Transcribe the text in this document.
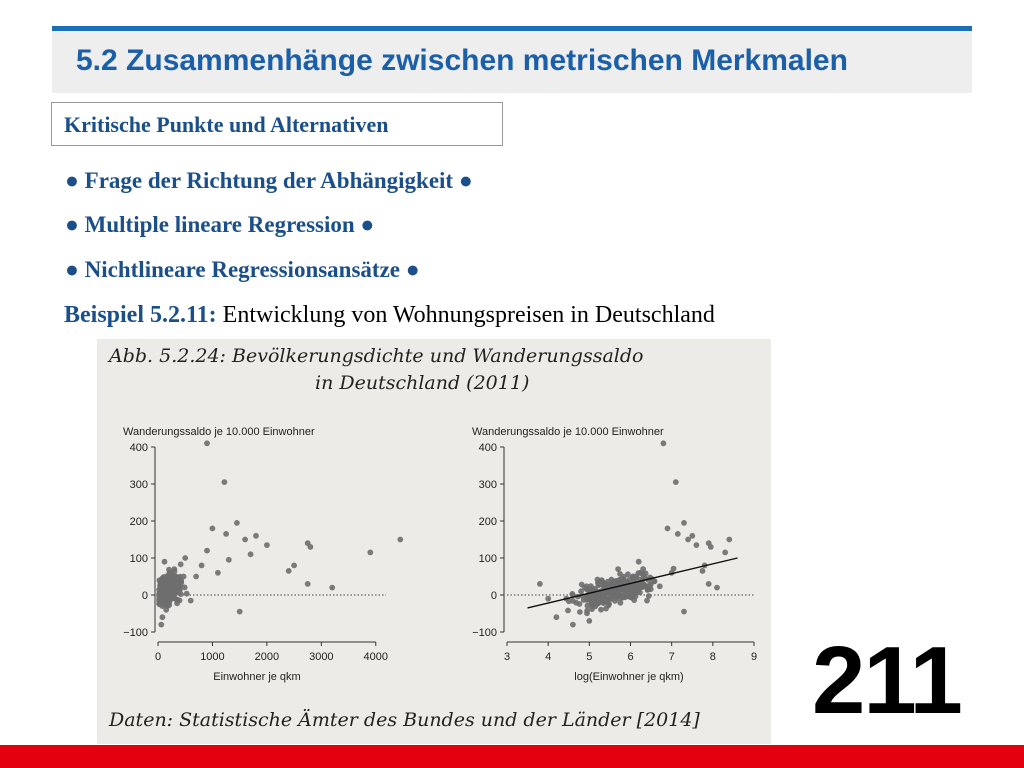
5.2 Zusammenhänge zwischen metrischen Merkmalen
Kritische Punkte und Alternativen
● Frage der Richtung der Abhängigkeit ●
● Multiple lineare Regression ●
● Nichtlineare Regressionsansätze ●
Beispiel 5.2.11: Entwicklung von Wohnungspreisen in Deutschland
Abb. 5.2.24: Bevölkerungsdichte und Wanderungssaldo
in Deutschland (2011)
Daten: Statistische Ämter des Bundes und der Länder [2014]
−100
0
100
200
300
400
0	1000	2000	3000	4000
Wanderungssaldo je 10.000 Einwohner
Einwohner je qkm
−100
0
100
200
300
400
3	4	5	6	7	8	9
Wanderungssaldo je 10.000 Einwohner
log(Einwohner je qkm) 211
